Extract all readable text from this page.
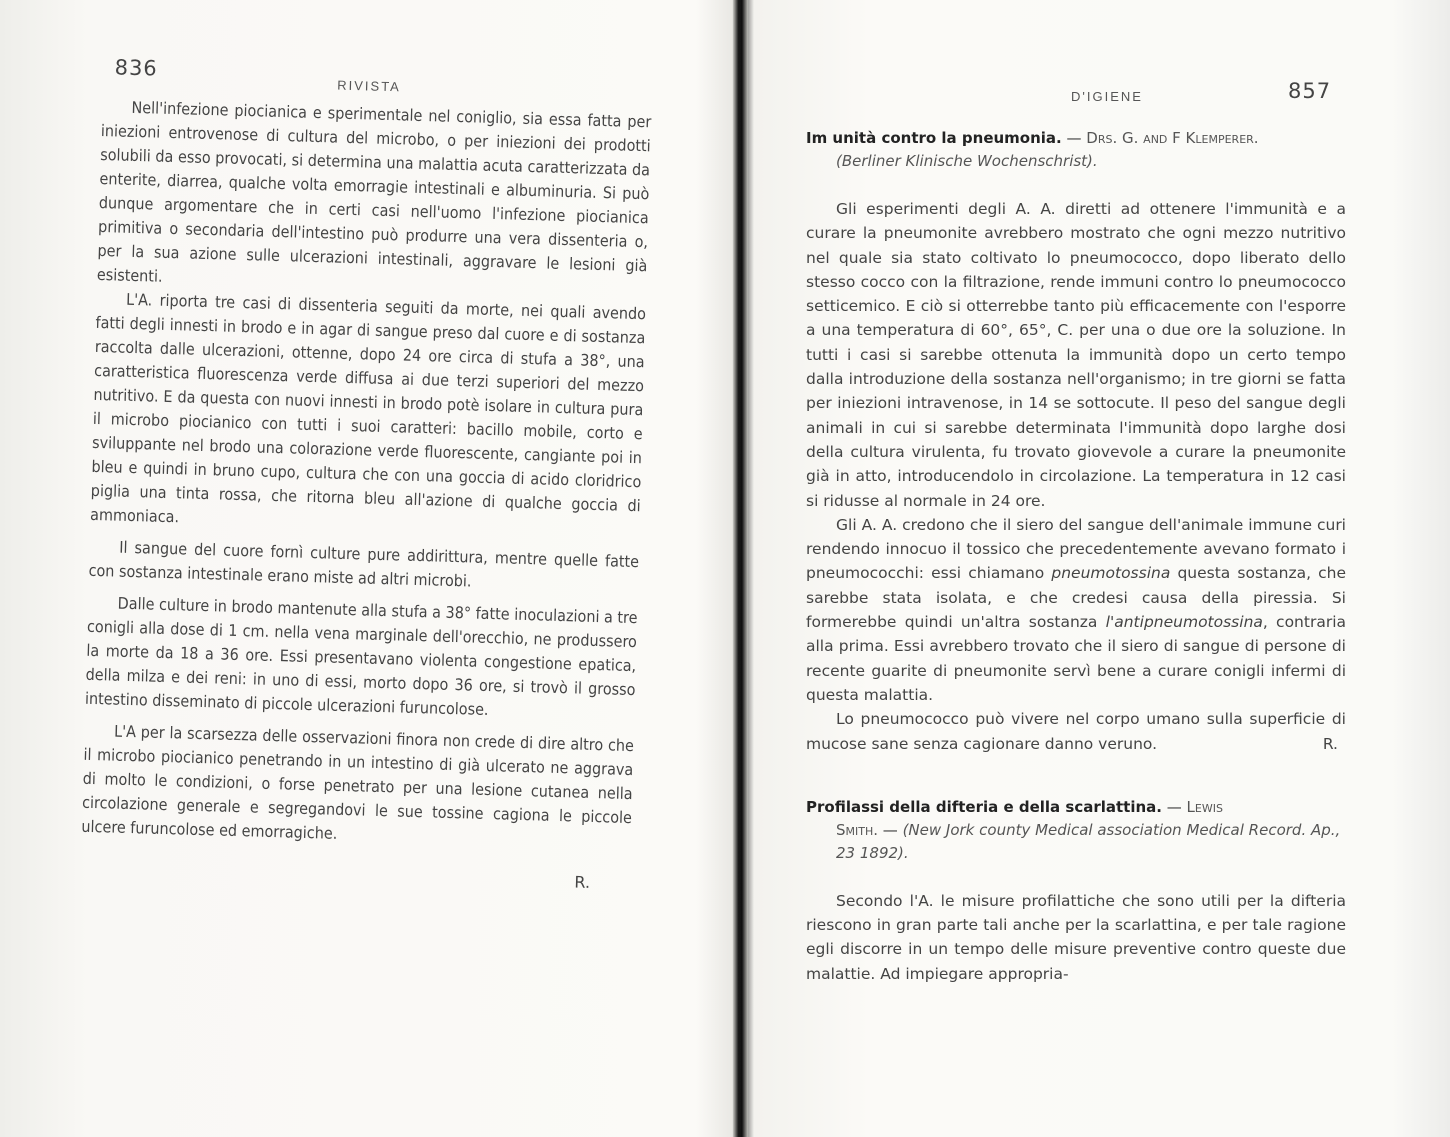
836
RIVISTA

Nell'infezione piocianica e sperimentale nel coniglio, sia essa fatta per iniezioni entrovenose di cultura del microbo, o per iniezioni dei prodotti solubili da esso provocati, si determina una malattia acuta caratterizzata da enterite, diarrea, qualche volta emorragie intestinali e albuminuria. Si può dunque argomentare che in certi casi nell'uomo l'infezione piocianica primitiva o secondaria dell'intestino può produrre una vera dissenteria o, per la sua azione sulle ulcerazioni intestinali, aggravare le lesioni già esistenti.

L'A. riporta tre casi di dissenteria seguiti da morte, nei quali avendo fatti degli innesti in brodo e in agar di sangue preso dal cuore e di sostanza raccolta dalle ulcerazioni, ottenne, dopo 24 ore circa di stufa a 38°, una caratteristica fluorescenza verde diffusa ai due terzi superiori del mezzo nutritivo. E da questa con nuovi innesti in brodo potè isolare in cultura pura il microbo piocianico con tutti i suoi caratteri: bacillo mobile, corto e sviluppante nel brodo una colorazione verde fluorescente, cangiante poi in bleu e quindi in bruno cupo, cultura che con una goccia di acido cloridrico piglia una tinta rossa, che ritorna bleu all'azione di qualche goccia di ammoniaca.

Il sangue del cuore fornì culture pure addirittura, mentre quelle fatte con sostanza intestinale erano miste ad altri microbi.

Dalle culture in brodo mantenute alla stufa a 38° fatte inoculazioni a tre conigli alla dose di 1 cm. nella vena marginale dell'orecchio, ne produssero la morte da 18 a 36 ore. Essi presentavano violenta congestione epatica, della milza e dei reni: in uno di essi, morto dopo 36 ore, si trovò il grosso intestino disseminato di piccole ulcerazioni furuncolose.

L'A per la scarsezza delle osservazioni finora non crede di dire altro che il microbo piocianico penetrando in un intestino di già ulcerato ne aggrava di molto le condizioni, o forse penetrato per una lesione cutanea nella circolazione generale e segregandovi le sue tossine cagiona le piccole ulcere furuncolose ed emorragiche.

R.
D'IGIENE	857
Im unità contro la pneumonia. — Drs. G. and F Klemperer.
(Berliner Klinische Wochenschrist).

Gli esperimenti degli A. A. diretti ad ottenere l'immunità e a curare la pneumonite avrebbero mostrato che ogni mezzo nutritivo nel quale sia stato coltivato lo pneumococco, dopo liberato dello stesso cocco con la filtrazione, rende immuni contro lo pneumococco setticemico. E ciò si otterrebbe tanto più efficacemente con l'esporre a una temperatura di 60°, 65°, C. per una o due ore la soluzione. In tutti i casi si sarebbe ottenuta la immunità dopo un certo tempo dalla introduzione della sostanza nell'organismo; in tre giorni se fatta per iniezioni intravenose, in 14 se sottocute. Il peso del sangue degli animali in cui si sarebbe determinata l'immunità dopo larghe dosi della cultura virulenta, fu trovato giovevole a curare la pneumonite già in atto, introducendolo in circolazione. La temperatura in 12 casi si ridusse al normale in 24 ore.

Gli A. A. credono che il siero del sangue dell'animale immune curi rendendo innocuo il tossico che precedentemente avevano formato i pneumococchi: essi chiamano pneumotossina questa sostanza, che sarebbe stata isolata, e che credesi causa della piressia. Si formerebbe quindi un'altra sostanza l'antipneumotossina, contraria alla prima. Essi avrebbero trovato che il siero di sangue di persone di recente guarite di pneumonite servì bene a curare conigli infermi di questa malattia.

Lo pneumococco può vivere nel corpo umano sulla superficie di mucose sane senza cagionare danno veruno.	R.

Profilassi della difteria e della scarlattina. — Lewis
Smith. — (New Jork county Medical association Medical Record. Ap., 23 1892).

Secondo l'A. le misure profilattiche che sono utili per la difteria riescono in gran parte tali anche per la scarlattina, e per tale ragione egli discorre in un tempo delle misure preventive contro queste due malattie. Ad impiegare appropria-
